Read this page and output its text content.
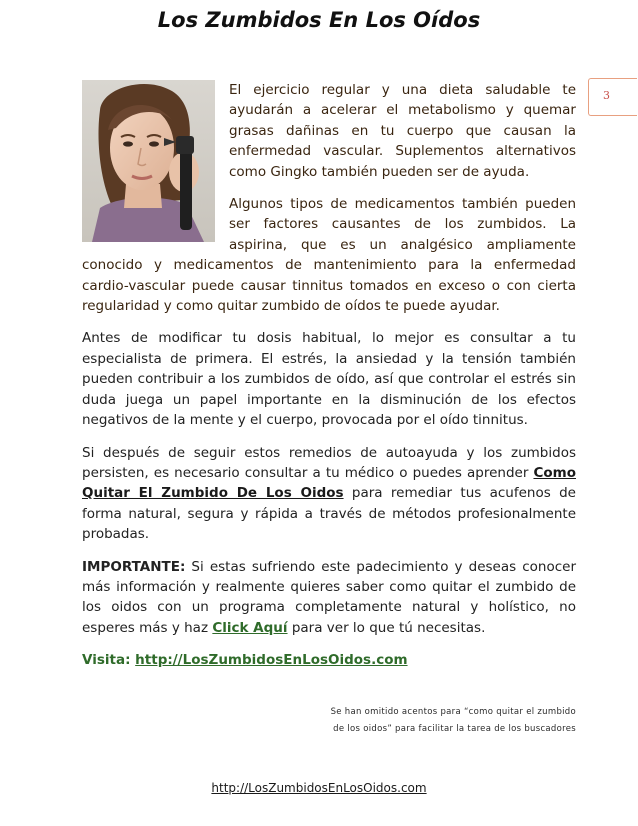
Los Zumbidos En Los Oídos
3

El ejercicio regular y una dieta saludable te ayudarán a acelerar el metabolismo y quemar grasas dañinas en tu cuerpo que causan la enfermedad vascular. Suplementos alternativos como Gingko también pueden ser de ayuda.

Algunos tipos de medicamentos también pueden ser factores causantes de los zumbidos. La aspirina, que es un analgésico ampliamente conocido y medicamentos de mantenimiento para la enfermedad cardio-vascular puede causar tinnitus tomados en exceso o con cierta regularidad y como quitar zumbido de oídos te puede ayudar.

Antes de modificar tu dosis habitual, lo mejor es consultar a tu especialista de primera. El estrés, la ansiedad y la tensión también pueden contribuir a los zumbidos de oído, así que controlar el estrés sin duda juega un papel importante en la disminución de los efectos negativos de la mente y el cuerpo, provocada por el oído tinnitus.

Si después de seguir estos remedios de autoayuda y los zumbidos persisten, es necesario consultar a tu médico o puedes aprender Como Quitar El Zumbido De Los Oidos para remediar tus acufenos de forma natural, segura y rápida a través de métodos profesionalmente probadas.

IMPORTANTE: Si estas sufriendo este padecimiento y deseas conocer más información y realmente quieres saber como quitar el zumbido de los oidos con un programa completamente natural y holístico, no esperes más y haz Click Aquí para ver lo que tú necesitas.

Visita: http://LosZumbidosEnLosOidos.com

Se han omitido acentos para “como quitar el zumbido
de los oidos” para facilitar la tarea de los buscadores
http://LosZumbidosEnLosOidos.com
